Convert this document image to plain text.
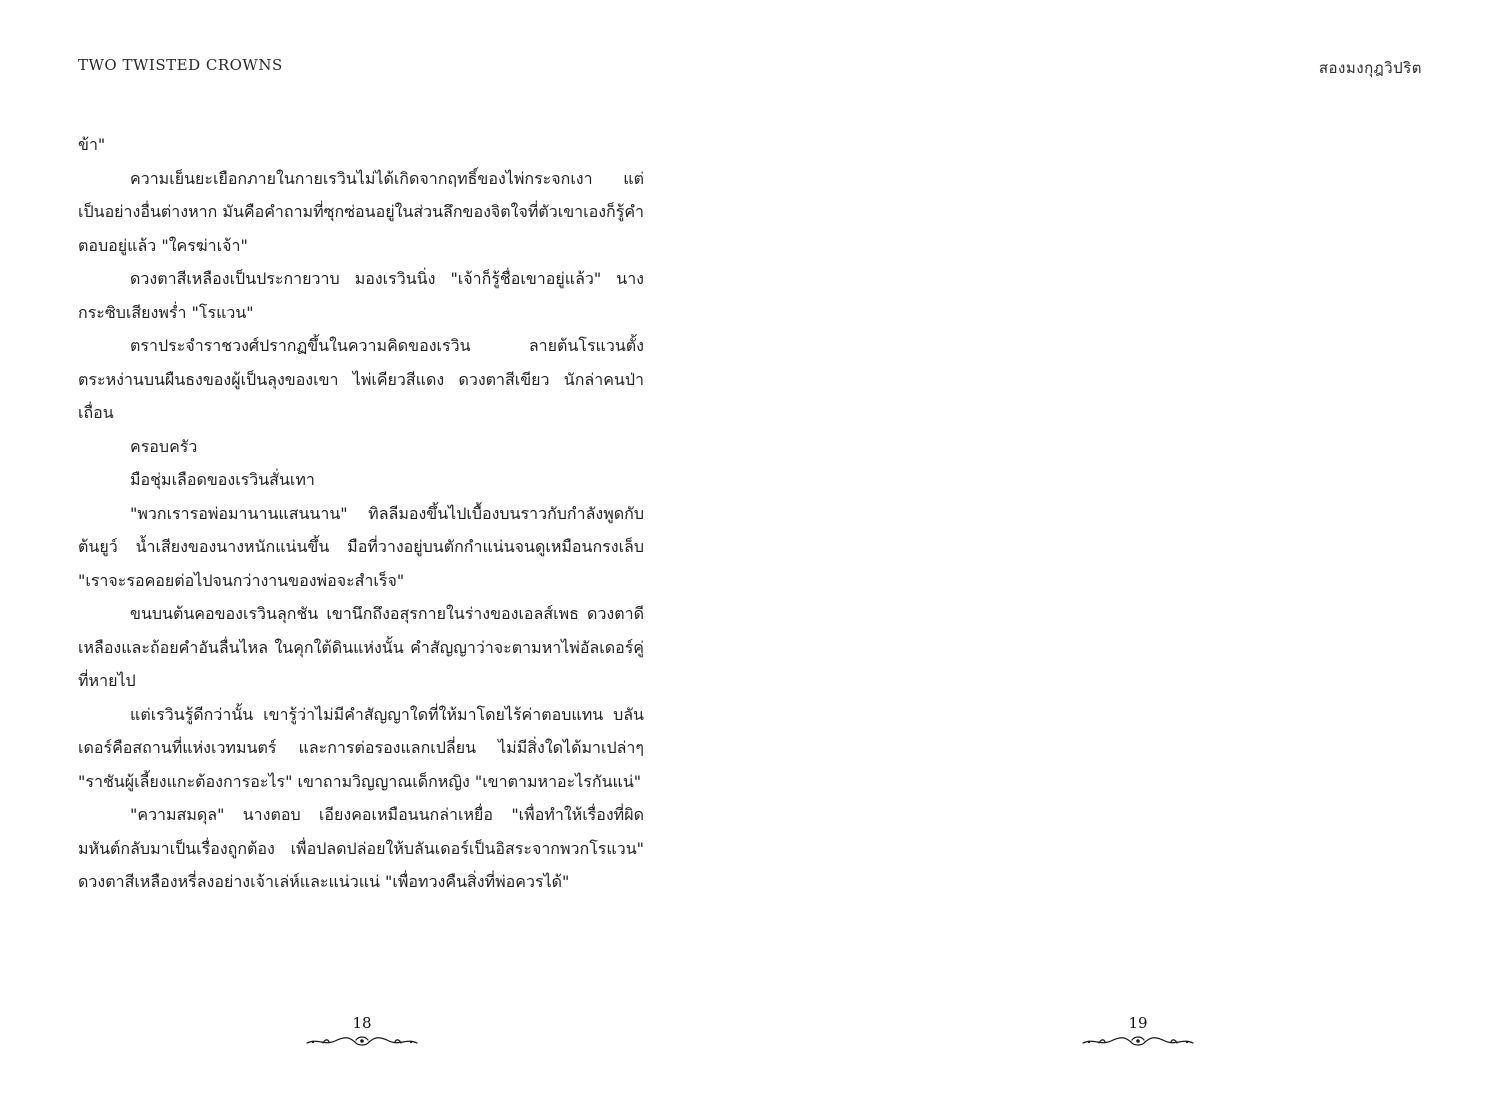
TWO TWISTED CROWNS

ข้า"

ความเย็นยะเยือกภายในกายเรวินไม่ได้เกิดจากฤทธิ์ของไพ่กระจกเงา แต่เป็นอย่างอื่นต่างหาก มันคือคำถามที่ซุกซ่อนอยู่ในส่วนลึกของจิตใจที่ตัวเขาเองก็รู้คำตอบอยู่แล้ว "ใครฆ่าเจ้า"

ดวงตาสีเหลืองเป็นประกายวาบ มองเรวินนิ่ง "เจ้าก็รู้ชื่อเขาอยู่แล้ว" นางกระซิบเสียงพร่ำ "โรแวน"

ตราประจำราชวงศ์ปรากฏขึ้นในความคิดของเรวิน ลายต้นโรแวนตั้งตระหง่านบนผืนธงของผู้เป็นลุงของเขา ไพ่เคียวสีแดง ดวงตาสีเขียว นักล่าคนป่าเถื่อน

ครอบครัว

มือชุ่มเลือดของเรวินสั่นเทา

"พวกเรารอพ่อมานานแสนนาน" ทิลลีมองขึ้นไปเบื้องบนราวกับกำลังพูดกับต้นยูว์ น้ำเสียงของนางหนักแน่นขึ้น มือที่วางอยู่บนตักกำแน่นจนดูเหมือนกรงเล็บ "เราจะรอคอยต่อไปจนกว่างานของพ่อจะสำเร็จ"

ขนบนต้นคอของเรวินลุกชัน เขานึกถึงอสุรกายในร่างของเอลส์เพธ ดวงตาดีเหลืองและถ้อยคำอันลื่นไหล ในคุกใต้ดินแห่งนั้น คำสัญญาว่าจะตามหาไพ่อัลเดอร์คู่ที่หายไป

แต่เรวินรู้ดีกว่านั้น เขารู้ว่าไม่มีคำสัญญาใดที่ให้มาโดยไร้ค่าตอบแทน บลันเดอร์คือสถานที่แห่งเวทมนตร์ และการต่อรองแลกเปลี่ยน ไม่มีสิ่งใดได้มาเปล่าๆ "ราชันผู้เลี้ยงแกะต้องการอะไร" เขาถามวิญญาณเด็กหญิง "เขาตามหาอะไรกันแน่"

"ความสมดุล" นางตอบ เอียงคอเหมือนนกล่าเหยื่อ "เพื่อทำให้เรื่องที่ผิดมหันต์กลับมาเป็นเรื่องถูกต้อง เพื่อปลดปล่อยให้บลันเดอร์เป็นอิสระจากพวกโรแวน" ดวงตาสีเหลืองหรี่ลงอย่างเจ้าเล่ห์และแน่วแน่ "เพื่อทวงคืนสิ่งที่พ่อควรได้"

18
สองมงกุฎวิปริต
19
